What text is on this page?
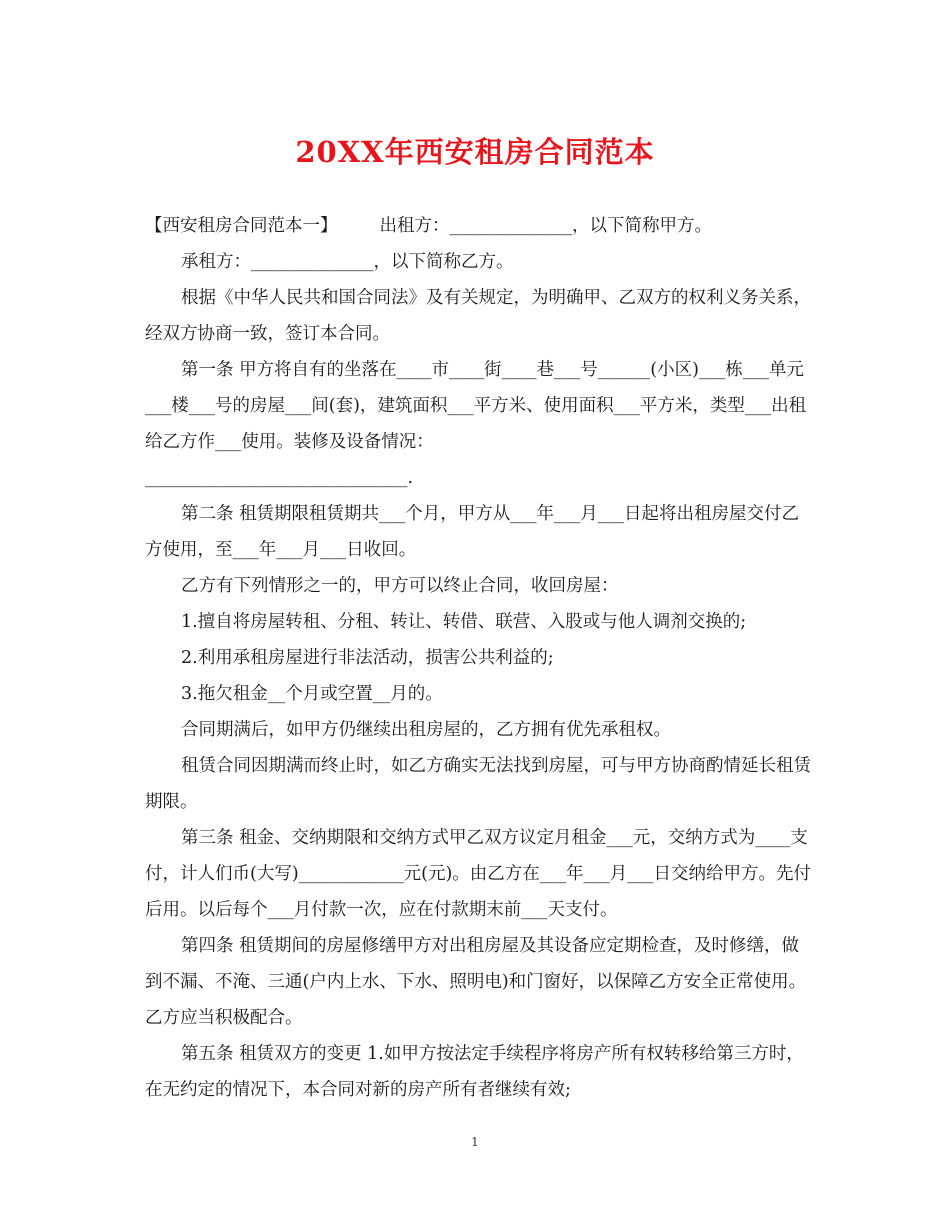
20XX年西安租房合同范本

【西安租房合同范本一】 出租方：______________，以下简称甲方。

承租方：______________，以下简称乙方。

根据《中华人民共和国合同法》及有关规定，为明确甲、乙双方的权利义务关系，经双方协商一致，签订本合同。

第一条 甲方将自有的坐落在____市____街____巷___号______(小区)___栋___单元___楼___号的房屋___间(套)，建筑面积___平方米、使用面积___平方米，类型___出租给乙方作___使用。装修及设备情况：

______________________________.

第二条 租赁期限租赁期共___个月，甲方从___年___月___日起将出租房屋交付乙方使用，至___年___月___日收回。

乙方有下列情形之一的，甲方可以终止合同，收回房屋：

1.擅自将房屋转租、分租、转让、转借、联营、入股或与他人调剂交换的;

2.利用承租房屋进行非法活动，损害公共利益的;

3.拖欠租金__个月或空置__月的。

合同期满后，如甲方仍继续出租房屋的，乙方拥有优先承租权。

租赁合同因期满而终止时，如乙方确实无法找到房屋，可与甲方协商酌情延长租赁期限。

第三条 租金、交纳期限和交纳方式甲乙双方议定月租金___元，交纳方式为____支付，计人们币(大写)____________元(元)。由乙方在___年___月___日交纳给甲方。先付后用。以后每个___月付款一次，应在付款期末前___天支付。

第四条 租赁期间的房屋修缮甲方对出租房屋及其设备应定期检查，及时修缮，做到不漏、不淹、三通(户内上水、下水、照明电)和门窗好，以保障乙方安全正常使用。乙方应当积极配合。

第五条 租赁双方的变更 1.如甲方按法定手续程序将房产所有权转移给第三方时，在无约定的情况下，本合同对新的房产所有者继续有效;

1
